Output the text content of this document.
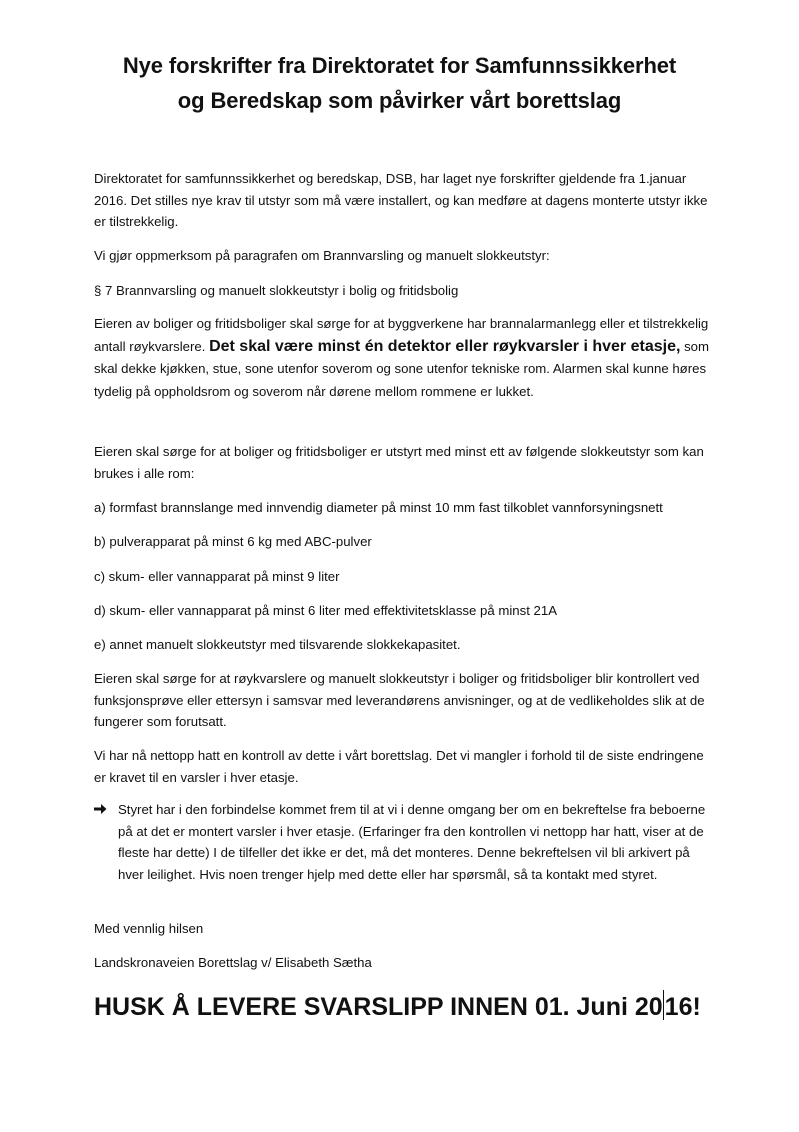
Nye forskrifter fra Direktoratet for Samfunnssikkerhet
og Beredskap som påvirker vårt borettslag

Direktoratet for samfunnssikkerhet og beredskap, DSB, har laget nye forskrifter gjeldende fra 1.januar 2016. Det stilles nye krav til utstyr som må være installert, og kan medføre at dagens monterte utstyr ikke er tilstrekkelig.

Vi gjør oppmerksom på paragrafen om Brannvarsling og manuelt slokkeutstyr:

§ 7 Brannvarsling og manuelt slokkeutstyr i bolig og fritidsbolig

Eieren av boliger og fritidsboliger skal sørge for at byggverkene har brannalarmanlegg eller et tilstrekkelig antall røykvarslere. Det skal være minst én detektor eller røykvarsler i hver etasje, som skal dekke kjøkken, stue, sone utenfor soverom og sone utenfor tekniske rom. Alarmen skal kunne høres tydelig på oppholdsrom og soverom når dørene mellom rommene er lukket.

Eieren skal sørge for at boliger og fritidsboliger er utstyrt med minst ett av følgende slokkeutstyr som kan brukes i alle rom:

a) formfast brannslange med innvendig diameter på minst 10 mm fast tilkoblet vannforsyningsnett
b) pulverapparat på minst 6 kg med ABC-pulver
c) skum- eller vannapparat på minst 9 liter
d) skum- eller vannapparat på minst 6 liter med effektivitetsklasse på minst 21A
e) annet manuelt slokkeutstyr med tilsvarende slokkekapasitet.

Eieren skal sørge for at røykvarslere og manuelt slokkeutstyr i boliger og fritidsboliger blir kontrollert ved funksjonsprøve eller ettersyn i samsvar med leverandørens anvisninger, og at de vedlikeholdes slik at de fungerer som forutsatt.

Vi har nå nettopp hatt en kontroll av dette i vårt borettslag. Det vi mangler i forhold til de siste endringene er kravet til en varsler i hver etasje.

Styret har i den forbindelse kommet frem til at vi i denne omgang ber om en bekreftelse fra beboerne på at det er montert varsler i hver etasje. (Erfaringer fra den kontrollen vi nettopp har hatt, viser at de fleste har dette) I de tilfeller det ikke er det, må det monteres. Denne bekreftelsen vil bli arkivert på hver leilighet. Hvis noen trenger hjelp med dette eller har spørsmål, så ta kontakt med styret.

Med vennlig hilsen

Landskronaveien Borettslag v/ Elisabeth Sætha

HUSK Å LEVERE SVARSLIPP INNEN 01. Juni 2016!
